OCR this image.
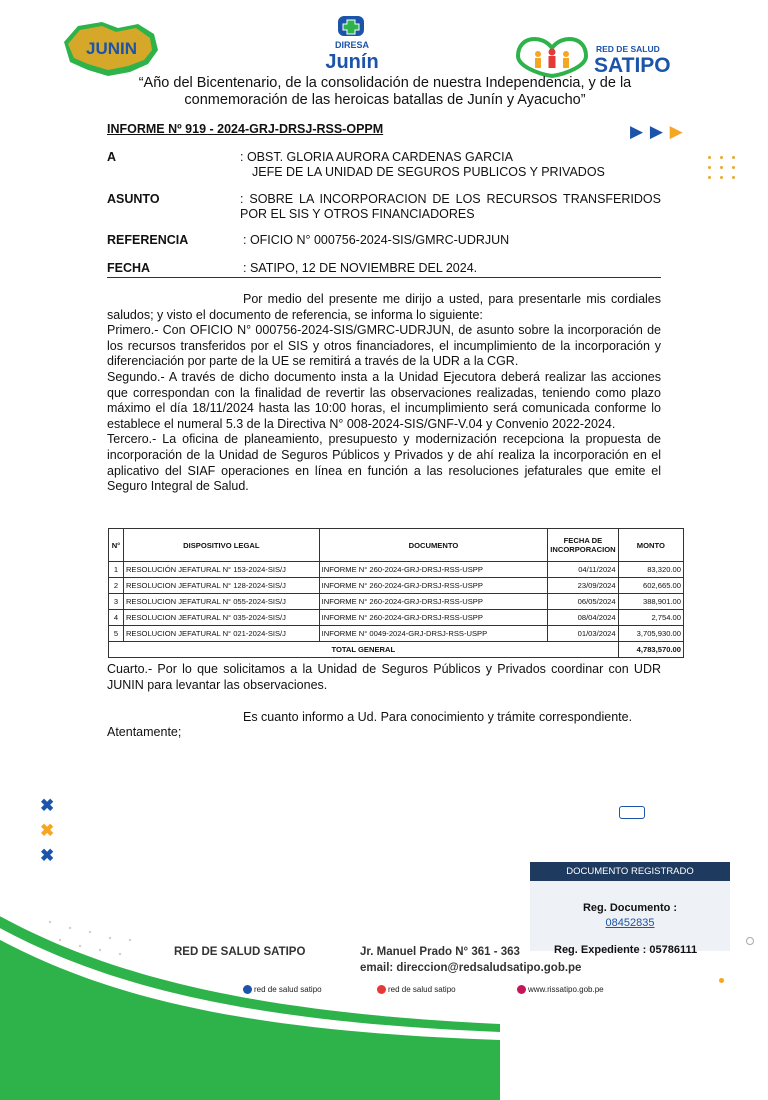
JUNIN	DIRESA
Junín
RED DE SALUD
SATIPO
“Año del Bicentenario, de la consolidación de nuestra Independencia, y de la conmemoración de las heroicas batallas de Junín y Ayacucho”
INFORME Nº 919 - 2024-GRJ-DRSJ-RSS-OPPM	▶ ▶ ▶
A	: OBST. GLORIA AURORA CARDENAS GARCIA
JEFE DE LA UNIDAD DE SEGUROS PUBLICOS Y PRIVADOS
ASUNTO	: SOBRE LA INCORPORACION DE LOS RECURSOS TRANSFERIDOS POR EL SIS Y OTROS FINANCIADORES
REFERENCIA	: OFICIO N° 000756-2024-SIS/GMRC-UDRJUN
FECHA	: SATIPO, 12 DE NOVIEMBRE DEL 2024.

Por medio del presente me dirijo a usted, para presentarle mis cordiales saludos; y visto el documento de referencia, se informa lo siguiente:

Primero.- Con OFICIO N° 000756-2024-SIS/GMRC-UDRJUN, de asunto sobre la incorporación de los recursos transferidos por el SIS y otros financiadores, el incumplimiento de la incorporación y diferenciación por parte de la UE se remitirá a través de la UDR a la CGR.

Segundo.- A través de dicho documento insta a la Unidad Ejecutora deberá realizar las acciones que correspondan con la finalidad de revertir las observaciones realizadas, teniendo como plazo máximo el día 18/11/2024 hasta las 10:00 horas, el incumplimiento será comunicada conforme lo establece el numeral 5.3 de la Directiva N° 008-2024-SIS/GNF-V.04 y Convenio 2022-2024.

Tercero.- La oficina de planeamiento, presupuesto y modernización recepciona la propuesta de incorporación de la Unidad de Seguros Públicos y Privados y de ahí realiza la incorporación en el aplicativo del SIAF operaciones en línea en función a las resoluciones jefaturales que emite el Seguro Integral de Salud.

N°	DISPOSITIVO LEGAL	DOCUMENTO	FECHA DE INCORPORACION	MONTO
1	RESOLUCIÓN JEFATURAL N° 153-2024-SIS/J	INFORME N° 260-2024-GRJ-DRSJ-RSS-USPP	04/11/2024	83,320.00
2	RESOLUCION JEFATURAL N° 128-2024-SIS/J	INFORME N° 260-2024-GRJ-DRSJ-RSS-USPP	23/09/2024	602,665.00
3	RESOLUCION JEFATURAL N° 055-2024-SIS/J	INFORME N° 260-2024-GRJ-DRSJ-RSS-USPP	06/05/2024	388,901.00
4	RESOLUCION JEFATURAL N° 035-2024-SIS/J	INFORME N° 260-2024-GRJ-DRSJ-RSS-USPP	08/04/2024	2,754.00
5	RESOLUCION JEFATURAL N° 021-2024-SIS/J	INFORME N° 0049-2024-GRJ-DRSJ-RSS-USPP	01/03/2024	3,705,930.00
TOTAL GENERAL				4,783,570.00

Cuarto.- Por lo que solicitamos a la Unidad de Seguros Públicos y Privados coordinar con UDR JUNIN para levantar las observaciones.

Es cuanto informo a Ud. Para conocimiento y trámite correspondiente.
Atentamente;
✖
✖
✖
DOCUMENTO REGISTRADO
Reg. Documento :
08452835
Reg. Expediente : 05786111
RED DE SALUD SATIPO	Jr. Manuel Prado N° 361 - 363
email: direccion@redsaludsatipo.gob.pe
red de salud satipo	red de salud satipo	www.rissatipo.gob.pe
